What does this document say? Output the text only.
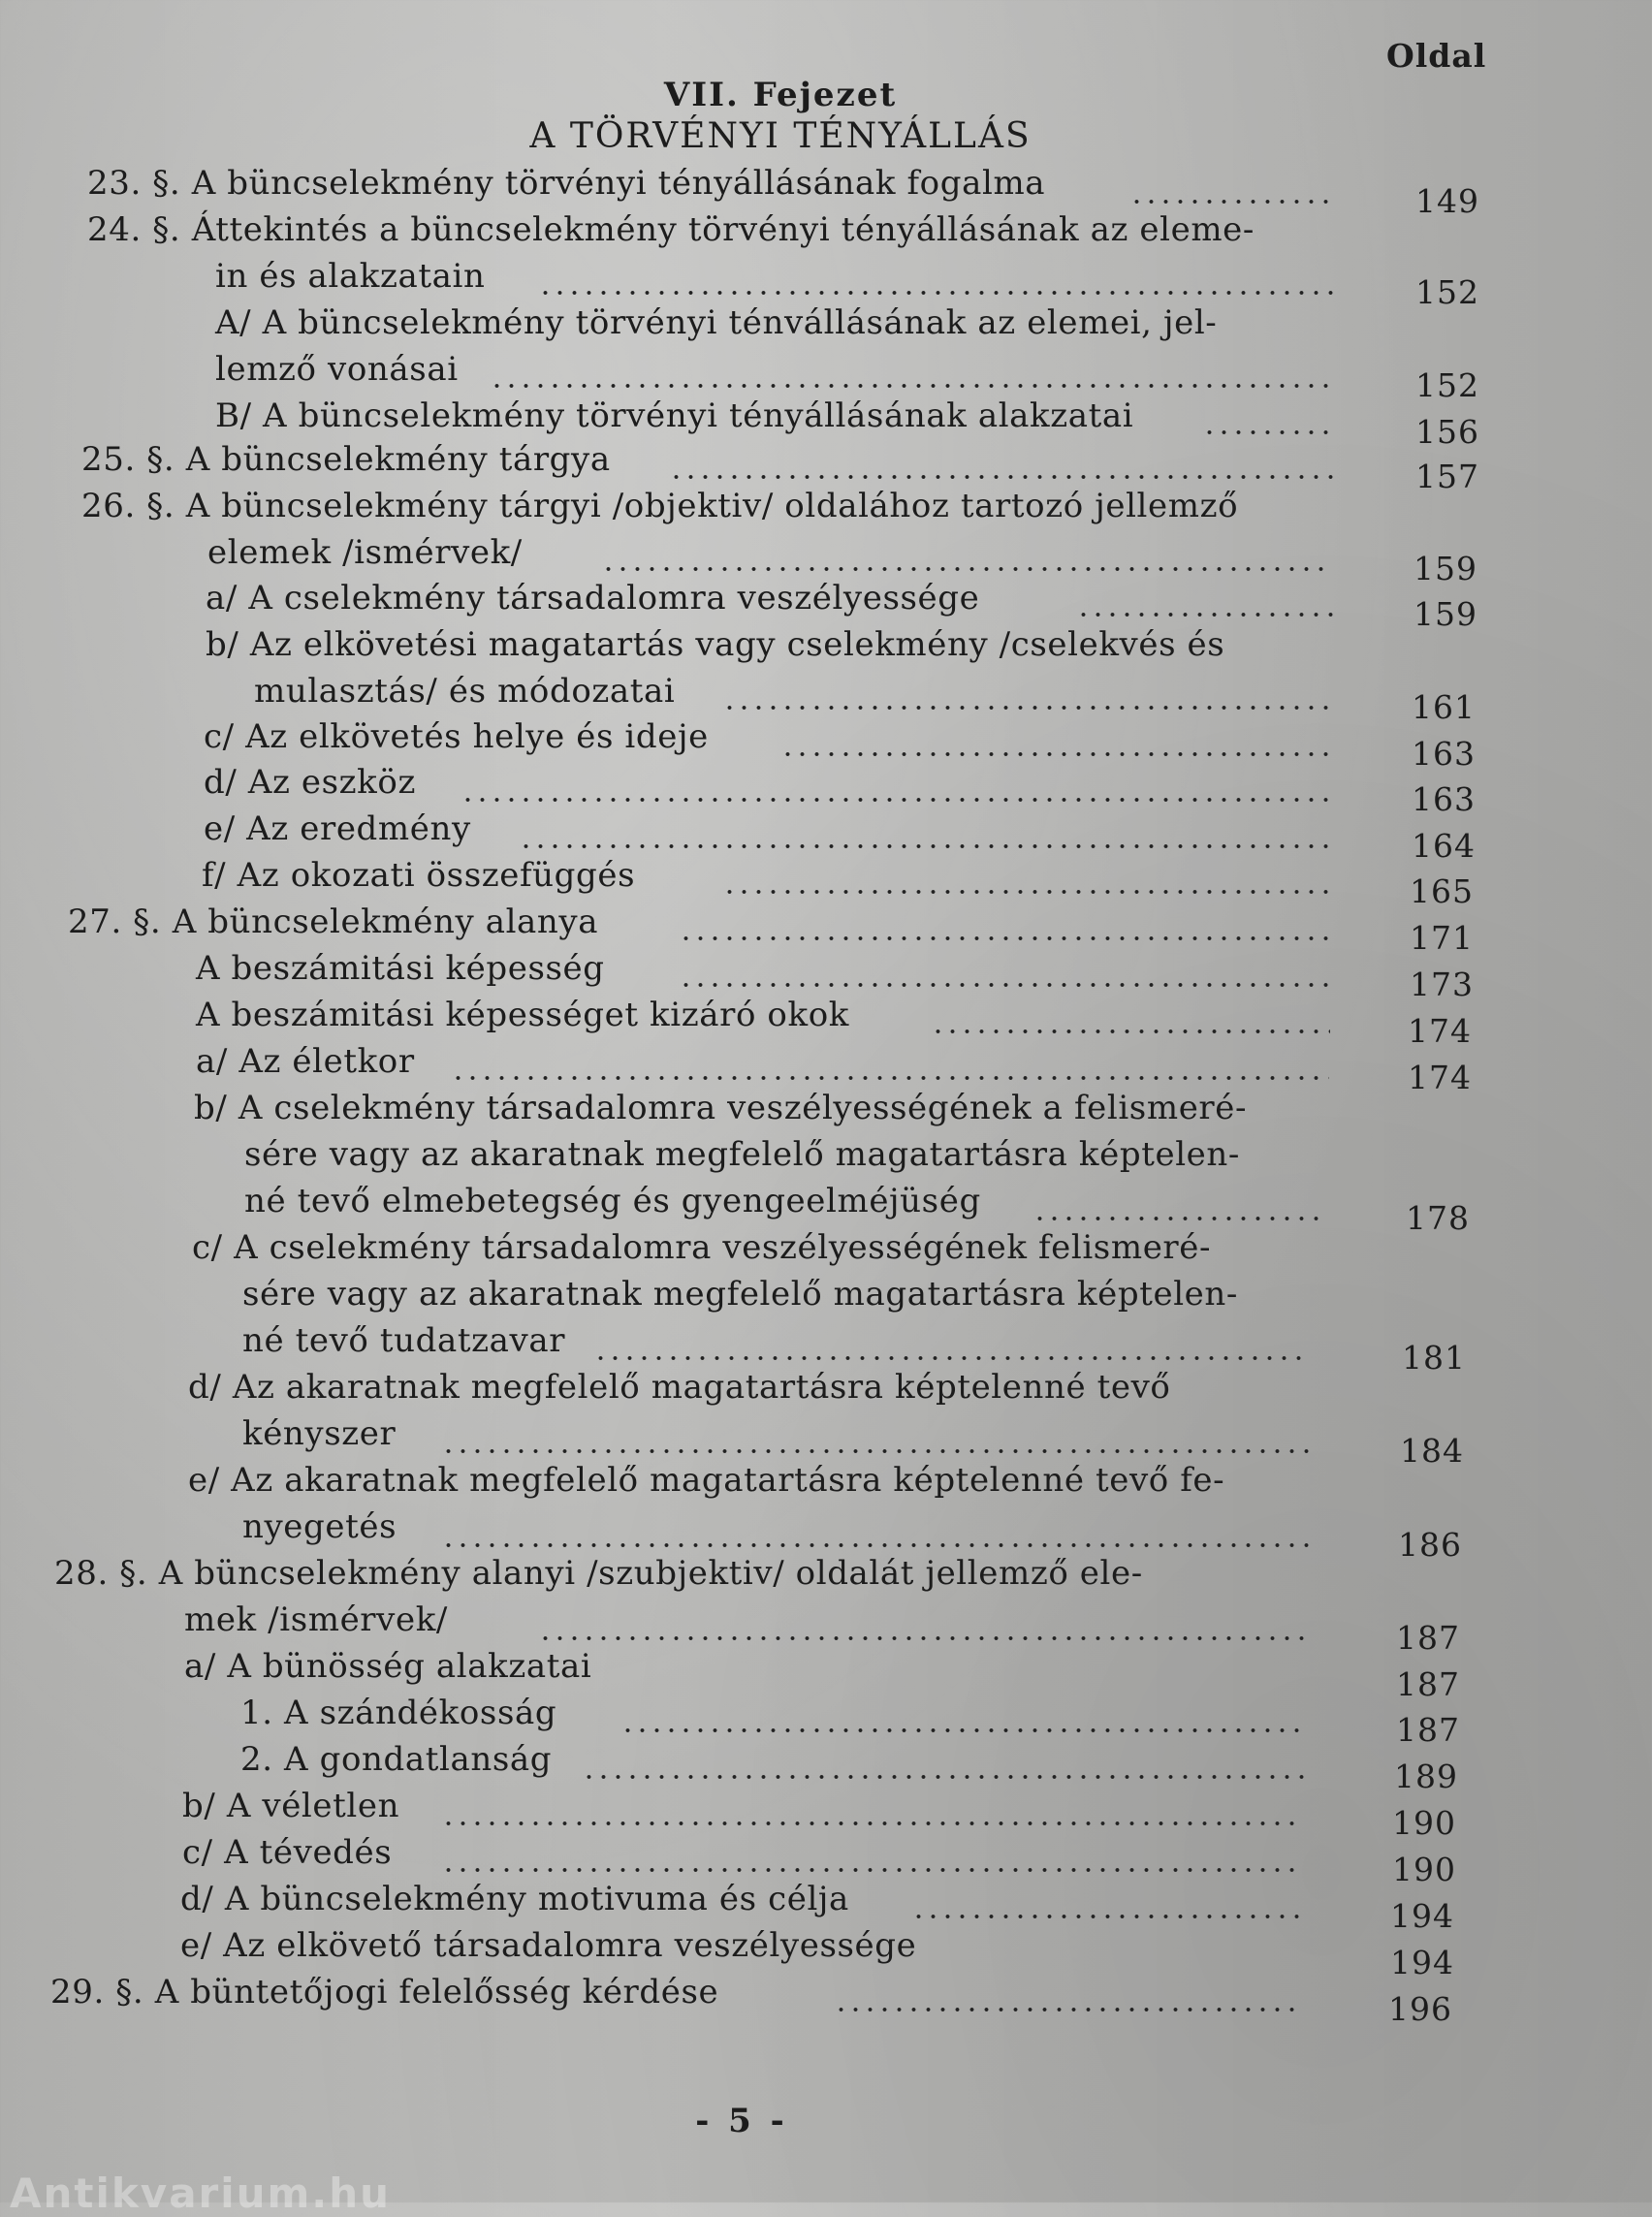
Oldal
VII. Fejezet
A TÖRVÉNYI TÉNYÁLLÁS
23. §. A büncselekmény törvényi tényállásának fogalma	149
24. §. Áttekintés a büncselekmény törvényi tényállásának az eleme-
in és alakzatain	152
A/ A büncselekmény törvényi ténvállásának az elemei, jel-
lemző vonásai	152
B/ A büncselekmény törvényi tényállásának alakzatai	156
25. §. A büncselekmény tárgya	157
26. §. A büncselekmény tárgyi /objektiv/ oldalához tartozó jellemző
elemek /ismérvek/	159
a/ A cselekmény társadalomra veszélyessége	159
b/ Az elkövetési magatartás vagy cselekmény /cselekvés és
mulasztás/ és módozatai	161
c/ Az elkövetés helye és ideje	163
d/ Az eszköz	163
e/ Az eredmény	164
f/ Az okozati összefüggés	165
27. §. A büncselekmény alanya	171
A beszámitási képesség	173
A beszámitási képességet kizáró okok	174
a/ Az életkor	174
b/ A cselekmény társadalomra veszélyességének a felismeré-
sére vagy az akaratnak megfelelő magatartásra képtelen-
né tevő elmebetegség és gyengeelméjüség	178
c/ A cselekmény társadalomra veszélyességének felismeré-
sére vagy az akaratnak megfelelő magatartásra képtelen-
né tevő tudatzavar	181
d/ Az akaratnak megfelelő magatartásra képtelenné tevő
kényszer	184
e/ Az akaratnak megfelelő magatartásra képtelenné tevő fe-
nyegetés	186
28. §. A büncselekmény alanyi /szubjektiv/ oldalát jellemző ele-
mek /ismérvek/	187
a/ A bünösség alakzatai	187
1. A szándékosság	187
2. A gondatlanság	189
b/ A véletlen	190
c/ A tévedés	190
d/ A büncselekmény motivuma és célja	194
e/ Az elkövető társadalomra veszélyessége	194
29. §. A büntetőjogi felelősség kérdése	196
- 5 -
Antikvarium.hu
